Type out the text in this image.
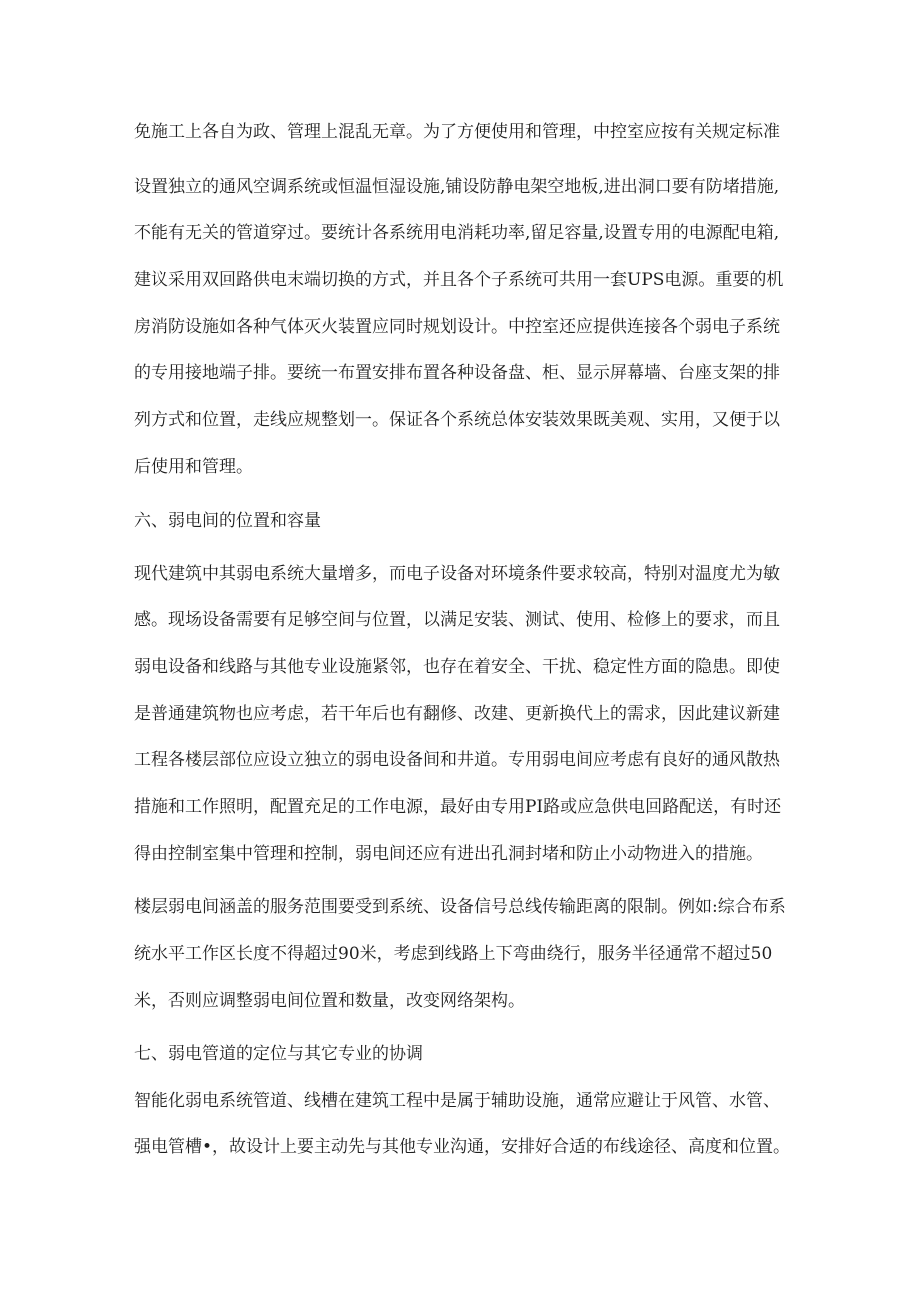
免施工上各自为政、管理上混乱无章。为了方便使用和管理，中控室应按有关规定标准
设置独立的通风空调系统或恒温恒湿设施,铺设防静电架空地板,进出洞口要有防堵措施,
不能有无关的管道穿过。要统计各系统用电消耗功率,留足容量,设置专用的电源配电箱,
建议采用双回路供电末端切换的方式，并且各个子系统可共用一套UPS电源。重要的机
房消防设施如各种气体灭火装置应同时规划设计。中控室还应提供连接各个弱电子系统
的专用接地端子排。要统一布置安排布置各种设备盘、柜、显示屏幕墙、台座支架的排
列方式和位置，走线应规整划一。保证各个系统总体安装效果既美观、实用，又便于以
后使用和管理。
六、弱电间的位置和容量
现代建筑中其弱电系统大量增多，而电子设备对环境条件要求较高，特别对温度尤为敏
感。现场设备需要有足够空间与位置，以满足安装、测试、使用、检修上的要求，而且
弱电设备和线路与其他专业设施紧邻，也存在着安全、干扰、稳定性方面的隐患。即使
是普通建筑物也应考虑，若干年后也有翻修、改建、更新换代上的需求，因此建议新建
工程各楼层部位应设立独立的弱电设备间和井道。专用弱电间应考虑有良好的通风散热
措施和工作照明，配置充足的工作电源，最好由专用PI路或应急供电回路配送，有时还
得由控制室集中管理和控制，弱电间还应有进出孔洞封堵和防止小动物进入的措施。
楼层弱电间涵盖的服务范围要受到系统、设备信号总线传输距离的限制。例如:综合布系
统水平工作区长度不得超过90米，考虑到线路上下弯曲绕行，服务半径通常不超过50
米，否则应调整弱电间位置和数量，改变网络架构。
七、弱电管道的定位与其它专业的协调
智能化弱电系统管道、线槽在建筑工程中是属于辅助设施，通常应避让于风管、水管、
强电管槽•，故设计上要主动先与其他专业沟通，安排好合适的布线途径、高度和位置。
